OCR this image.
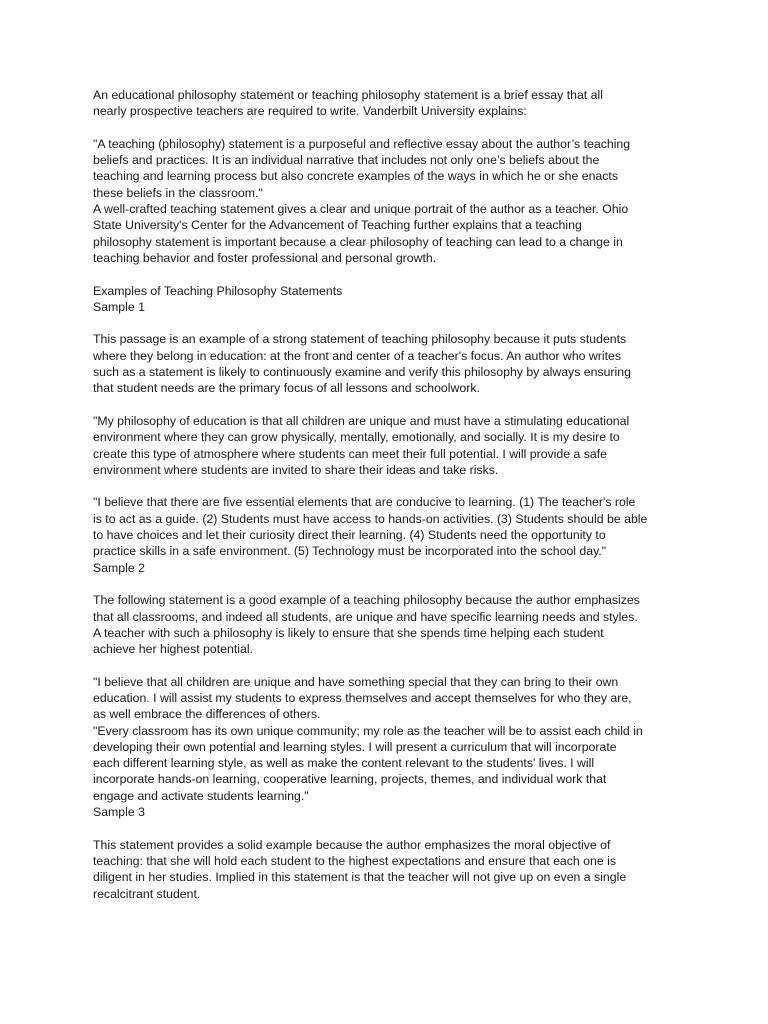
An educational philosophy statement or teaching philosophy statement is a brief essay that all
nearly prospective teachers are required to write. Vanderbilt University explains:
"A teaching (philosophy) statement is a purposeful and reflective essay about the author’s teaching
beliefs and practices. It is an individual narrative that includes not only one’s beliefs about the
teaching and learning process but also concrete examples of the ways in which he or she enacts
these beliefs in the classroom."
A well-crafted teaching statement gives a clear and unique portrait of the author as a teacher. Ohio
State University's Center for the Advancement of Teaching further explains that a teaching
philosophy statement is important because a clear philosophy of teaching can lead to a change in
teaching behavior and foster professional and personal growth.
Examples of Teaching Philosophy Statements
Sample 1
This passage is an example of a strong statement of teaching philosophy because it puts students
where they belong in education: at the front and center of a teacher's focus. An author who writes
such as a statement is likely to continuously examine and verify this philosophy by always ensuring
that student needs are the primary focus of all lessons and schoolwork.
"My philosophy of education is that all children are unique and must have a stimulating educational
environment where they can grow physically, mentally, emotionally, and socially. It is my desire to
create this type of atmosphere where students can meet their full potential. I will provide a safe
environment where students are invited to share their ideas and take risks.
"I believe that there are five essential elements that are conducive to learning. (1) The teacher's role
is to act as a guide. (2) Students must have access to hands-on activities. (3) Students should be able
to have choices and let their curiosity direct their learning. (4) Students need the opportunity to
practice skills in a safe environment. (5) Technology must be incorporated into the school day."
Sample 2
The following statement is a good example of a teaching philosophy because the author emphasizes
that all classrooms, and indeed all students, are unique and have specific learning needs and styles.
A teacher with such a philosophy is likely to ensure that she spends time helping each student
achieve her highest potential.
"I believe that all children are unique and have something special that they can bring to their own
education. I will assist my students to express themselves and accept themselves for who they are,
as well embrace the differences of others.
"Every classroom has its own unique community; my role as the teacher will be to assist each child in
developing their own potential and learning styles. I will present a curriculum that will incorporate
each different learning style, as well as make the content relevant to the students' lives. I will
incorporate hands-on learning, cooperative learning, projects, themes, and individual work that
engage and activate students learning."
Sample 3
This statement provides a solid example because the author emphasizes the moral objective of
teaching: that she will hold each student to the highest expectations and ensure that each one is
diligent in her studies. Implied in this statement is that the teacher will not give up on even a single
recalcitrant student.
